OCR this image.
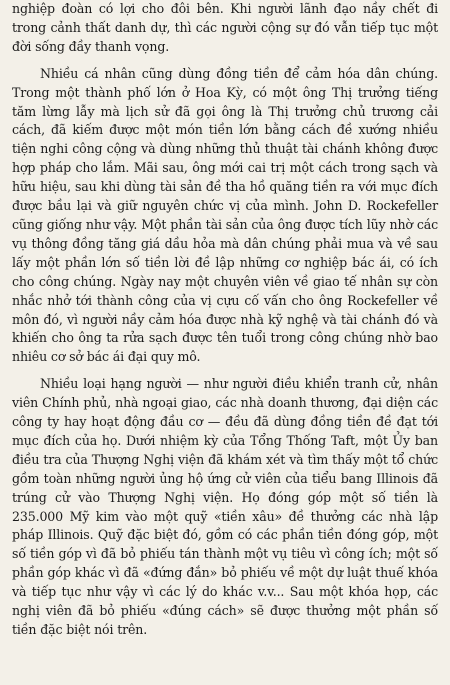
nghiệp đoàn có lợi cho đôi bên. Khi người lãnh đạo nầy chết đi trong cảnh thất danh dự, thì các người cộng sự đó vẫn tiếp tục một đời sống đầy thanh vọng.

Nhiều cá nhân cũng dùng đồng tiền để cảm hóa dân chúng. Trong một thành phố lớn ở Hoa Kỳ, có một ông Thị trưởng tiếng tăm lừng lẫy mà lịch sử đã gọi ông là Thị trưởng chủ trương cải cách, đã kiếm được một món tiền lớn bằng cách đề xướng nhiều tiện nghi công cộng và dùng những thủ thuật tài chánh không được hợp pháp cho lắm. Mãi sau, ông mới cai trị một cách trong sạch và hữu hiệu, sau khi dùng tài sản đề tha hồ quăng tiền ra với mục đích được bầu lại và giữ nguyên chức vị của mình. John D. Rockefeller cũng giống như vậy. Một phần tài sản của ông được tích lũy nhờ các vụ thông đồng tăng giá dầu hỏa mà dân chúng phải mua và về sau lấy một phần lớn số tiền lời đề lập những cơ nghiệp bác ái, có ích cho công chúng. Ngày nay một chuyên viên về giao tế nhân sự còn nhắc nhở tới thành công của vị cựu cố vấn cho ông Rockefeller về môn đó, vì người nầy cảm hóa được nhà kỹ nghệ và tài chánh đó và khiến cho ông ta rửa sạch được tên tuổi trong công chúng nhờ bao nhiêu cơ sở bác ái đại quy mô.

Nhiều loại hạng người — như người điều khiển tranh cử, nhân viên Chính phủ, nhà ngoại giao, các nhà doanh thương, đại diện các công ty hay hoạt động đầu cơ — đều đã dùng đồng tiền đề đạt tới mục đích của họ. Dưới nhiệm kỳ của Tổng Thống Taft, một Ủy ban điều tra của Thượng Nghị viện đã khám xét và tìm thấy một tổ chức gồm toàn những người ủng hộ ứng cử viên của tiểu bang Illinois đã trúng cử vào Thượng Nghị viện. Họ đóng góp một số tiền là 235.000 Mỹ kim vào một quỹ «tiền xâu» đề thưởng các nhà lập pháp Illinois. Quỹ đặc biệt đó, gồm có các phần tiền đóng góp, một số tiền góp vì đã bỏ phiếu tán thành một vụ tiêu vì công ích; một số phần góp khác vì đã «đứng đắn» bỏ phiếu về một dự luật thuế khóa và tiếp tục như vậy vì các lý do khác v.v... Sau một khóa họp, các nghị viên đã bỏ phiếu «đúng cách» sẽ được thưởng một phần số tiền đặc biệt nói trên.
